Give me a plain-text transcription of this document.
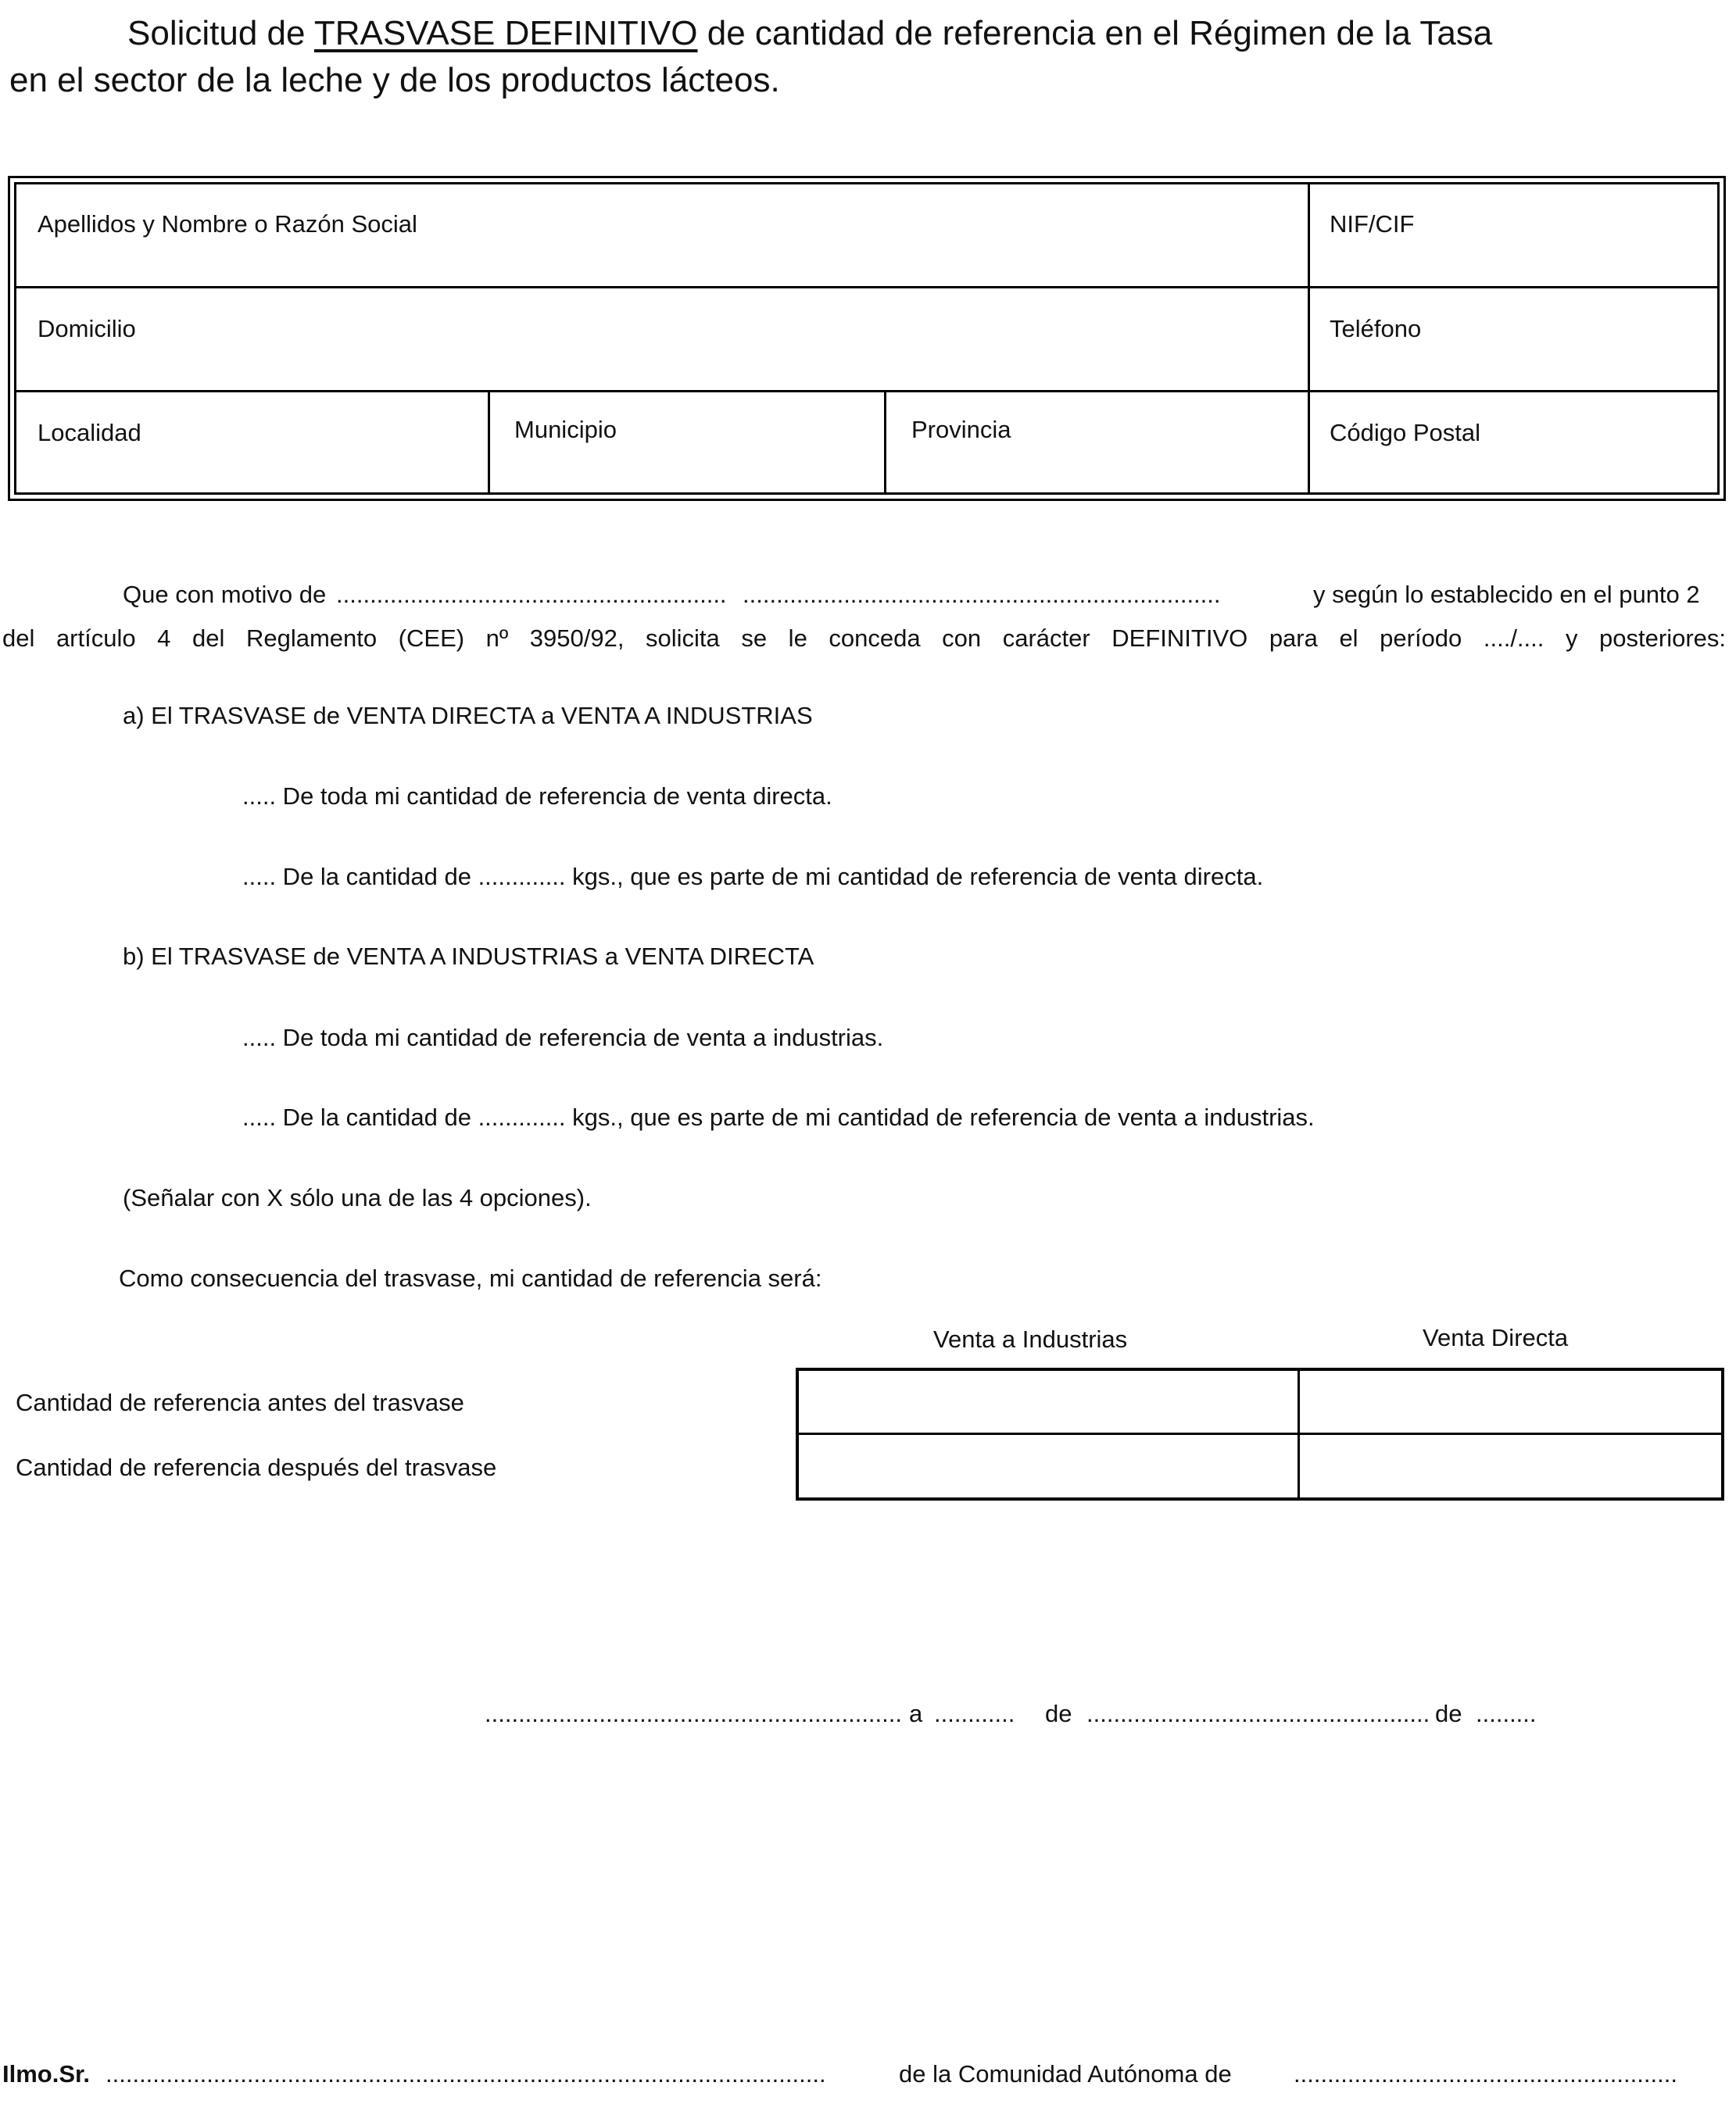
Solicitud de TRASVASE DEFINITIVO de cantidad de referencia en el Régimen de la Tasa
en el sector de la leche y de los productos lácteos.
Apellidos y Nombre o Razón Social	NIF/CIF
Domicilio	Teléfono
Localidad	Municipio	Provincia	Código Postal
Que con motivo de .......................................................... .......................................................................	y según lo establecido en el punto 2
del artículo 4 del Reglamento (CEE) nº 3950/92, solicita se le conceda con carácter DEFINITIVO para el período ..../.... y posteriores:
a) El TRASVASE de VENTA DIRECTA a VENTA A INDUSTRIAS
..... De toda mi cantidad de referencia de venta directa.
..... De la cantidad de ............. kgs., que es parte de mi cantidad de referencia de venta directa.
b) El TRASVASE de VENTA A INDUSTRIAS a VENTA DIRECTA
..... De toda mi cantidad de referencia de venta a industrias.
..... De la cantidad de ............. kgs., que es parte de mi cantidad de referencia de venta a industrias.
(Señalar con X sólo una de las 4 opciones).
Como consecuencia del trasvase, mi cantidad de referencia será:
Venta a Industrias	Venta Directa
Cantidad de referencia antes del trasvase
Cantidad de referencia después del trasvase
.............................................................. a ............ de ................................................... de .........
Ilmo.Sr. ...........................................................................................................	de la Comunidad Autónoma de	.........................................................
